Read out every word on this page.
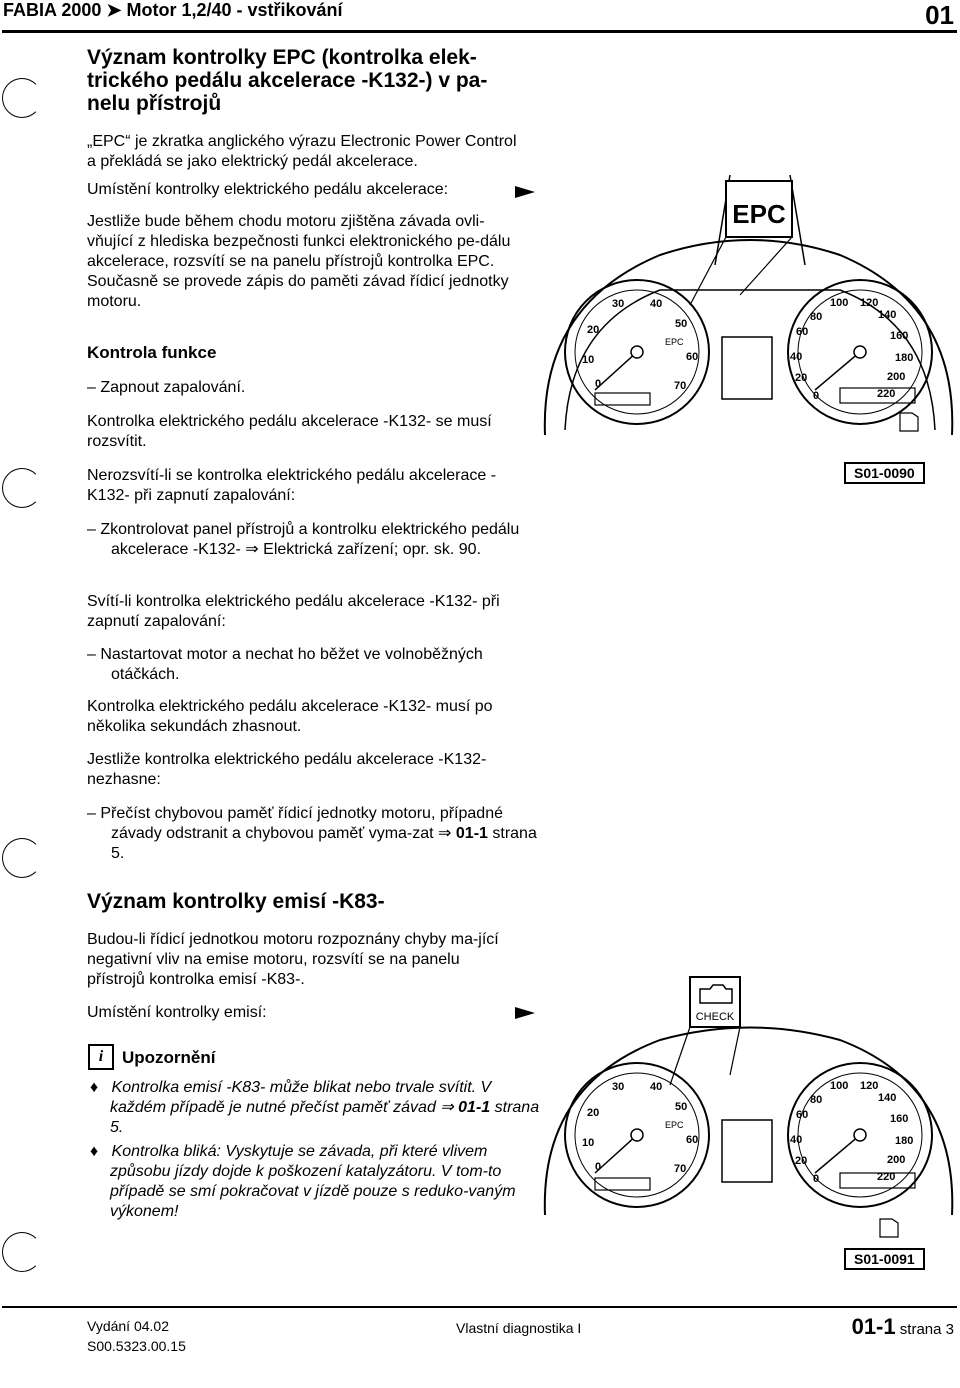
FABIA 2000 ➤ Motor 1,2/40 - vstřikování	01
Význam kontrolky EPC (kontrolka elek-trického pedálu akcelerace -K132-) v pa-nelu přístrojů
„EPC“ je zkratka anglického výrazu Electronic Power Control a překládá se jako elektrický pedál akcelerace.
Umístění kontrolky elektrického pedálu akcelerace:
Jestliže bude během chodu motoru zjištěna závada ovli-vňující z hlediska bezpečnosti funkci elektronického pe-dálu akcelerace, rozsvítí se na panelu přístrojů kontrolka EPC. Současně se provede zápis do paměti závad řídicí jednotky motoru.
Kontrola funkce
– Zapnout zapalování.
Kontrolka elektrického pedálu akcelerace -K132- se musí rozsvítit.
Nerozsvítí-li se kontrolka elektrického pedálu akcelerace -K132- při zapnutí zapalování:
– Zkontrolovat panel přístrojů a kontrolku elektrického pedálu akcelerace -K132- ⇒ Elektrická zařízení; opr. sk. 90.
Svítí-li kontrolka elektrického pedálu akcelerace -K132- při zapnutí zapalování:
– Nastartovat motor a nechat ho běžet ve volnoběžných otáčkách.
Kontrolka elektrického pedálu akcelerace -K132- musí po několika sekundách zhasnout.
Jestliže kontrolka elektrického pedálu akcelerace -K132- nezhasne:
– Přečíst chybovou paměť řídicí jednotky motoru, případné závady odstranit a chybovou paměť vyma-zat ⇒ 01-1 strana 5.
Význam kontrolky emisí -K83-
Budou-li řídicí jednotkou motoru rozpoznány chyby ma-jící negativní vliv na emise motoru, rozsvítí se na panelu přístrojů kontrolka emisí -K83-.
Umístění kontrolky emisí:
i	Upozornění
♦ Kontrolka emisí -K83- může blikat nebo trvale svítit. V každém případě je nutné přečíst paměť závad ⇒ 01-1 strana 5.
♦ Kontrolka bliká: Vyskytuje se závada, při které vlivem způsobu jízdy dojde k poškození katalyzátoru. V tom-to případě se smí pokračovat v jízdě pouze s reduko-vaným výkonem!
EPC
EPC
0
10
20
30 40
50
60
70
0
20
40
60
80
100 120
140
160
180
200
220
S01-0090
CHECK
EPC
0
10
20
30 40
50
60
70
0
20
40
60
80
100 120
140
160
180
200
220
S01-0091
Vydání 04.02
S00.5323.00.15
Vlastní diagnostika I	01-1 strana 3
